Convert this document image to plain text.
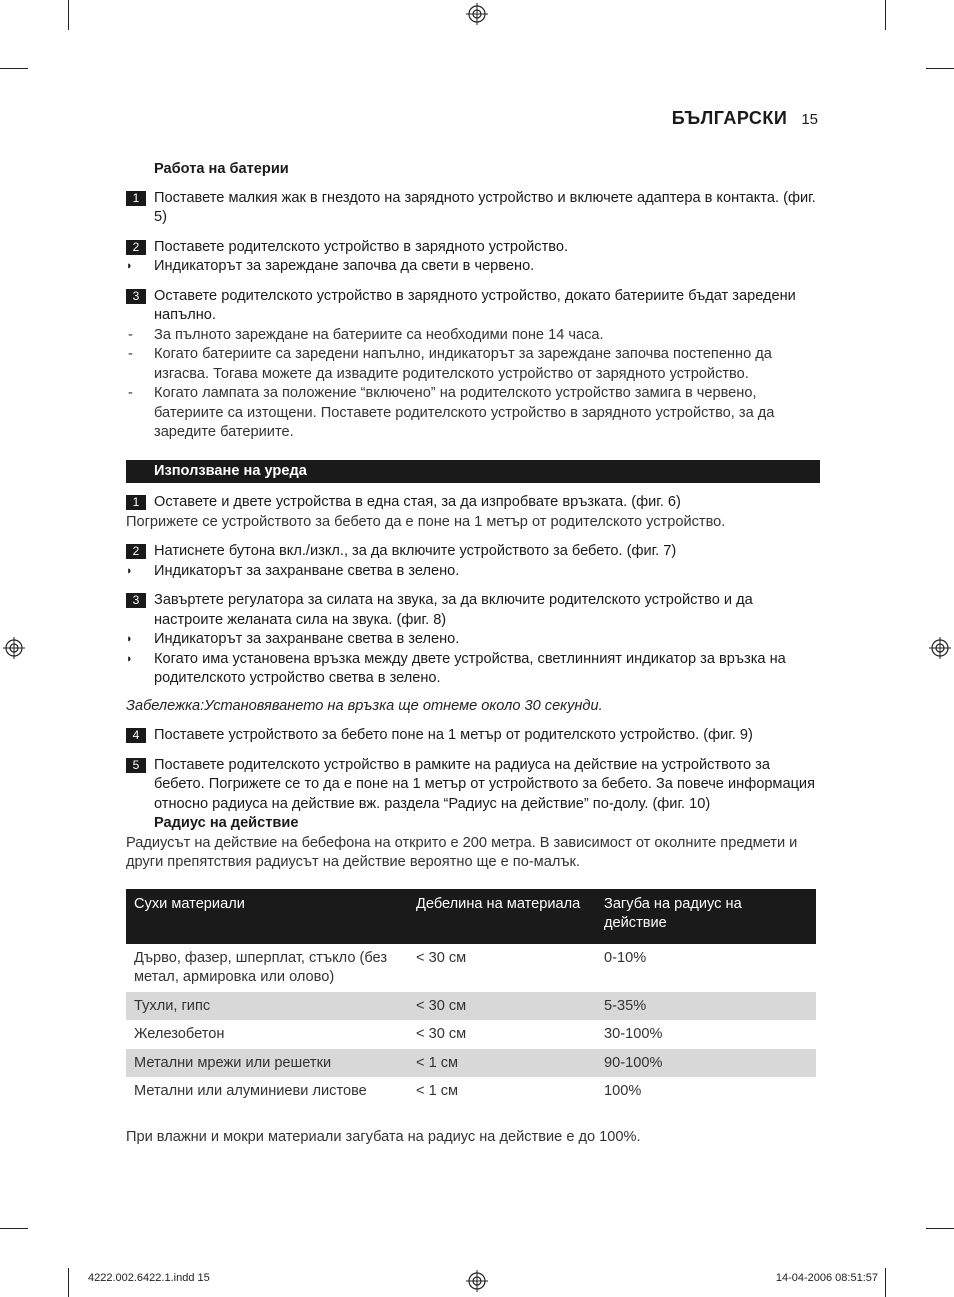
БЪЛГАРСКИ 15
Работа на батерии
1	Поставете малкия жак в гнездото на зарядното устройство и включете адаптера в контакта. (фиг. 5)
2	Поставете родителското устройство в зарядното устройство.
◗ Индикаторът за зареждане започва да свети в червено.
3	Оставете родителското устройство в зарядното устройство, докато батериите бъдат заредени напълно.
- За пълното зареждане на батериите са необходими поне 14 часа.
- Когато батериите са заредени напълно, индикаторът за зареждане започва постепенно да изгасва. Тогава можете да извадите родителското устройство от зарядното устройство.
- Когато лампата за положение “включено” на родителското устройство замига в червено, батериите са изтощени. Поставете родителското устройство в зарядното устройство, за да заредите батериите.
Използване на уреда
1	Оставете и двете устройства в една стая, за да изпробвате връзката. (фиг. 6)
Погрижете се устройството за бебето да е поне на 1 метър от родителското устройство.
2	Натиснете бутона вкл./изкл., за да включите устройството за бебето. (фиг. 7)
◗ Индикаторът за захранване светва в зелено.
3	Завъртете регулатора за силата на звука, за да включите родителското устройство и да настроите желаната сила на звука. (фиг. 8)
◗ Индикаторът за захранване светва в зелено.
◗ Когато има установена връзка между двете устройства, светлинният индикатор за връзка на родителското устройство светва в зелено.
Забележка:Установяването на връзка ще отнеме около 30 секунди.
4	Поставете устройството за бебето поне на 1 метър от родителското устройство. (фиг. 9)
5	Поставете родителското устройство в рамките на радиуса на действие на устройството за бебето. Погрижете се то да е поне на 1 метър от устройството за бебето. За повече информация относно радиуса на действие вж. раздела “Радиус на действие” по-долу. (фиг. 10)
Радиус на действие
Радиусът на действие на бебефона на открито е 200 метра. В зависимост от околните предмети и други препятствия радиусът на действие вероятно ще е по-малък.
Сухи материали	Дебелина на материала	Загуба на радиус на действие
Дърво, фазер, шперплат, стъкло (без метал, армировка или олово)	< 30 см	0-10%
Тухли, гипс	< 30 см	5-35%
Железобетон	< 30 см	30-100%
Метални мрежи или решетки	< 1 см	90-100%
Метални или алуминиеви листове	< 1 см	100%
При влажни и мокри материали загубата на радиус на действие е до 100%.
4222.002.6422.1.indd 15	14-04-2006 08:51:57
